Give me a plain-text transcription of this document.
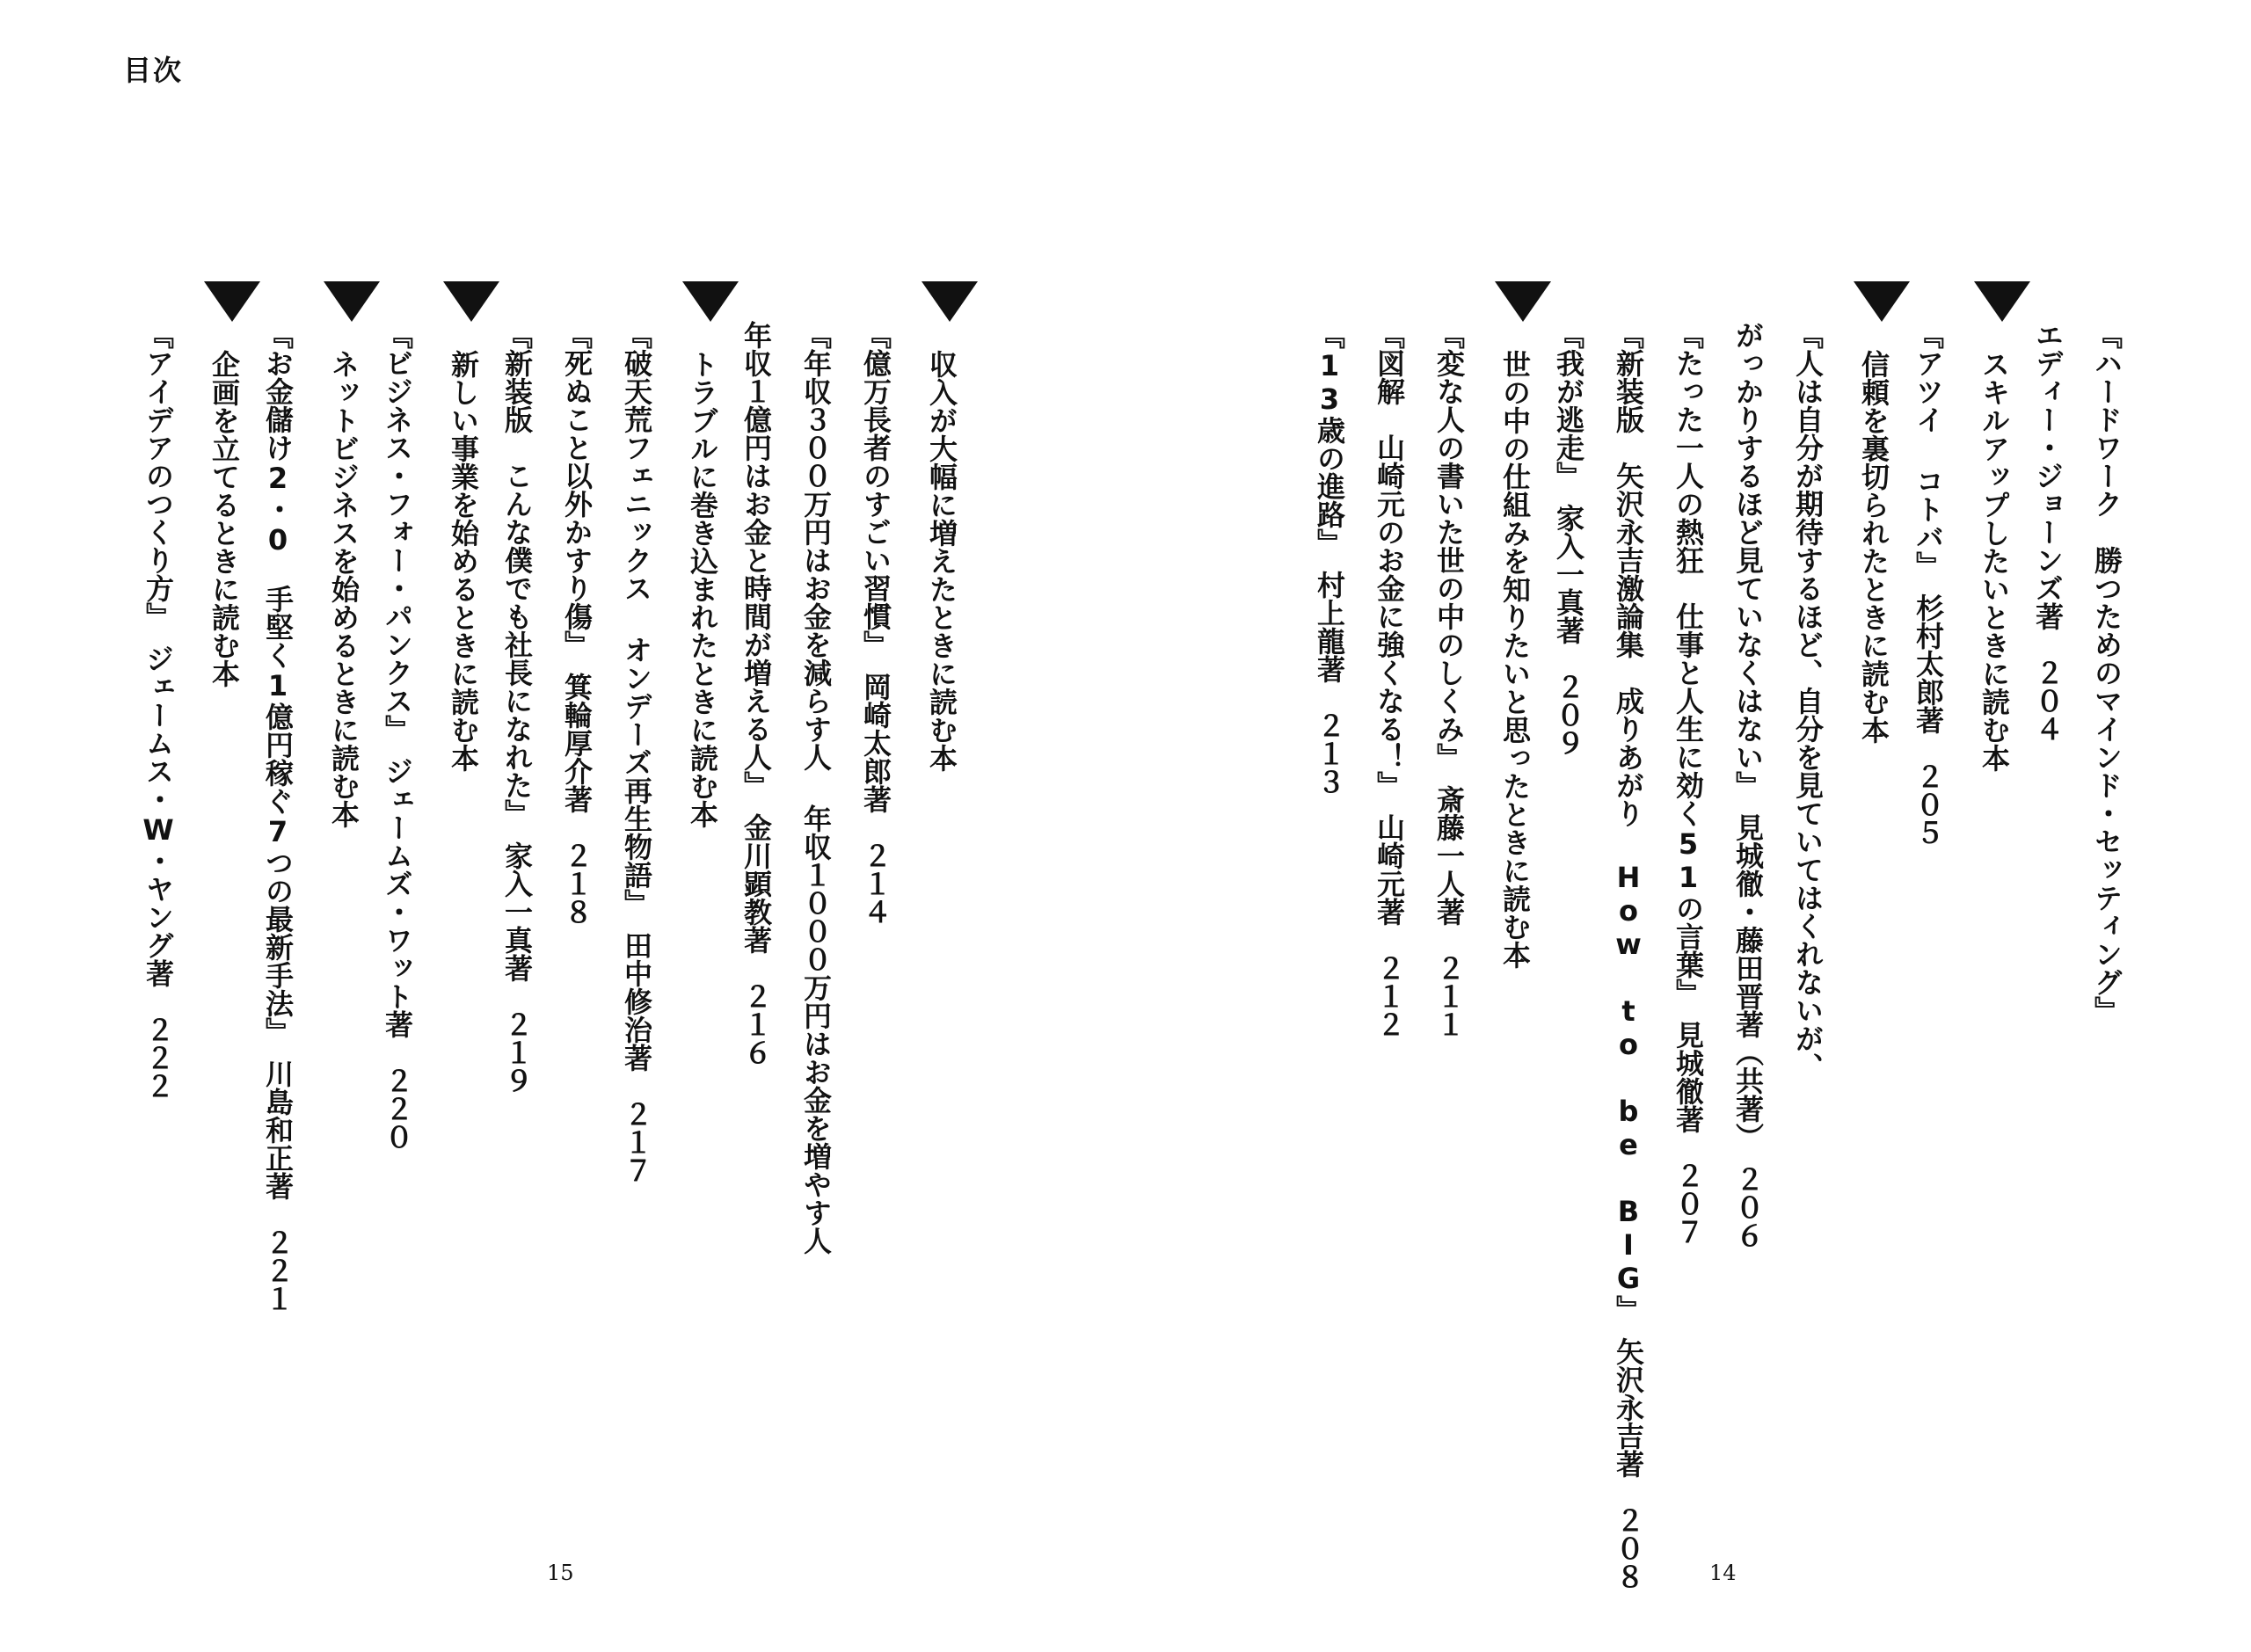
目次
『ハードワーク　勝つためのマインド・セッティング』
エディー・ジョーンズ著　２０４
スキルアップしたいときに読む本
『アツイ コトバ』　杉村太郎著　２０５
信頼を裏切られたときに読む本
『人は自分が期待するほど、自分を見ていてはくれないが、
がっかりするほど見ていなくはない』　見城徹・藤田晋著（共著）　２０６
『たった一人の熱狂　仕事と人生に効く51の言葉』　見城徹著　２０７
『新装版　矢沢永吉激論集　成りあがり How to be BIG』　矢沢永吉著　２０８
『我が逃走』　家入一真著　２０９
世の中の仕組みを知りたいと思ったときに読む本
『変な人の書いた世の中のしくみ』　斎藤一人著　２１１
『図解　山崎元のお金に強くなる！』　山崎元著　２１２
『13歳の進路』　村上龍著　２１３
収入が大幅に増えたときに読む本
『億万長者のすごい習慣』　岡崎太郎著　２１４
『年収３００万円はお金を減らす人 年収１０００万円はお金を増やす人
年収１億円はお金と時間が増える人』　金川顕教著　２１６
トラブルに巻き込まれたときに読む本
『破天荒フェニックス オンデーズ再生物語』　田中修治著　２１７
『死ぬこと以外かすり傷』　箕輪厚介著　２１８
『新装版　こんな僕でも社長になれた』　家入一真著　２１９
新しい事業を始めるときに読む本
『ビジネス・フォー・パンクス』　ジェームズ・ワット著　２２０
ネットビジネスを始めるときに読む本
『お金儲け2・0　手堅く1億円稼ぐ7つの最新手法』　川島和正著　２２１
企画を立てるときに読む本
『アイデアのつくり方』　ジェームス・W・ヤング著　２２２
15	14
